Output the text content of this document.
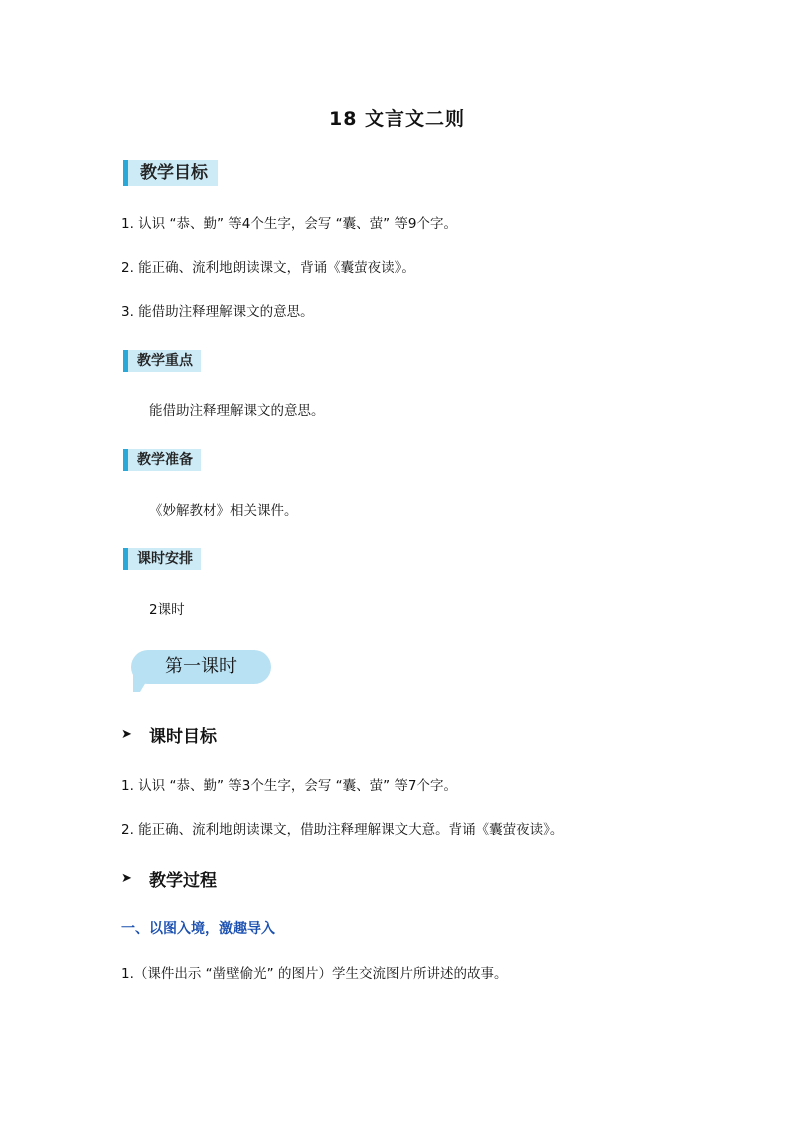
18 文言文二则
教学目标
1. 认识 “恭、勤” 等4个生字，会写 “囊、萤” 等9个字。
2. 能正确、流利地朗读课文，背诵《囊萤夜读》。
3. 能借助注释理解课文的意思。
教学重点
能借助注释理解课文的意思。
教学准备
《妙解教材》相关课件。
课时安排
2课时
第一课时
➤	课时目标
1. 认识 “恭、勤” 等3个生字，会写 “囊、萤” 等7个字。
2. 能正确、流利地朗读课文，借助注释理解课文大意。背诵《囊萤夜读》。
➤	教学过程
一、以图入境，激趣导入
1.（课件出示 “凿壁偷光” 的图片）学生交流图片所讲述的故事。
